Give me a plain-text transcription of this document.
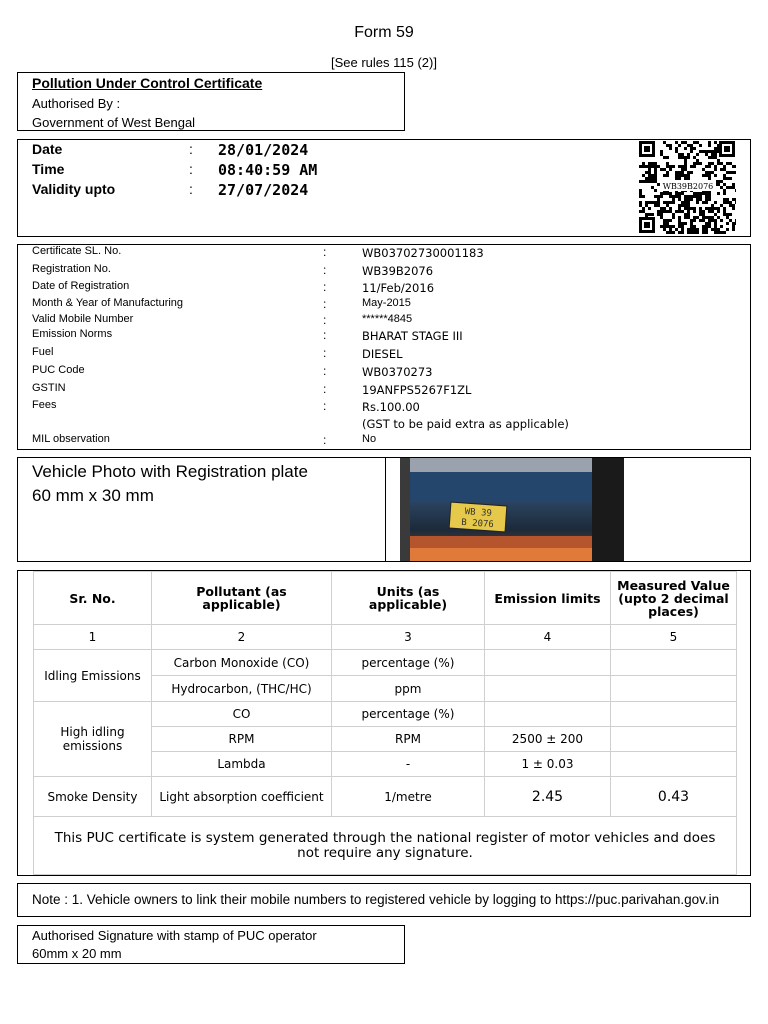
Form 59
[See rules 115 (2)]
Pollution Under Control Certificate
Authorised By :
Government of West Bengal
Date	: 28/01/2024
Time	: 08:40:59 AM
Validity upto	: 27/07/2024	WB39B2076
Certificate SL. No.	:	WB03702730001183
Registration No.	:	WB39B2076
Date of Registration	:	11/Feb/2016
Month & Year of Manufacturing	:	May-2015
Valid Mobile Number	:	******4845
Emission Norms	:	BHARAT STAGE III
Fuel	:	DIESEL
PUC Code	:	WB0370273
GSTIN	:	19ANFPS5267F1ZL
Fees	:	Rs.100.00
(GST to be paid extra as applicable)
MIL observation	:	No
Vehicle Photo with Registration plate
60 mm x 30 mm
WB 39
B 2076
Sr. No.	Pollutant (as applicable)	Units (as applicable)	Emission limits	Measured Value (upto 2 decimal places)
1	2	3	4	5
Idling Emissions	Carbon Monoxide (CO)	percentage (%)		
	Hydrocarbon, (THC/HC)	ppm		
High idling emissions	CO	percentage (%)		
	RPM	RPM	2500 ± 200	
	Lambda	-	1 ± 0.03	
Smoke Density	Light absorption coefficient	1/metre	2.45	0.43
This PUC certificate is system generated through the national register of motor vehicles and does not require any signature.				
Note : 1. Vehicle owners to link their mobile numbers to registered vehicle by logging to https://puc.parivahan.gov.in
Authorised Signature with stamp of PUC operator
60mm x 20 mm
